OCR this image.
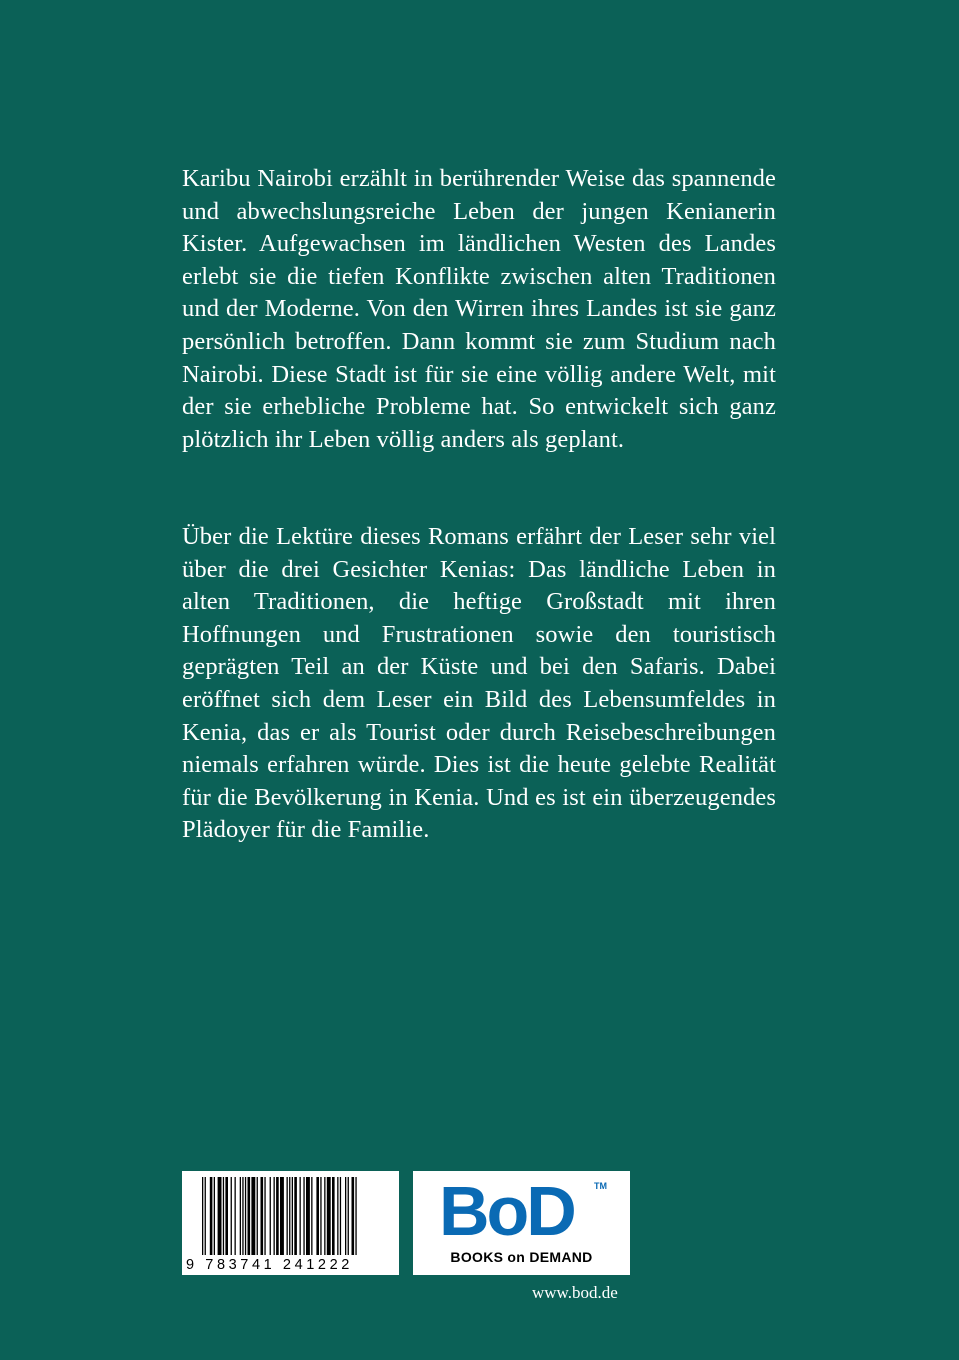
Karibu Nairobi erzählt in berührender Weise das spannende und abwechslungsreiche Leben der jungen Kenianerin Kister. Aufgewachsen im ländlichen Westen des Landes erlebt sie die tiefen Konflikte zwischen alten Traditionen und der Moderne. Von den Wirren ihres Landes ist sie ganz persönlich betroffen. Dann kommt sie zum Studium nach Nairobi. Diese Stadt ist für sie eine völlig andere Welt, mit der sie erhebliche Probleme hat. So entwickelt sich ganz plötzlich ihr Leben völlig anders als geplant.
Über die Lektüre dieses Romans erfährt der Leser sehr viel über die drei Gesichter Kenias: Das ländliche Leben in alten Traditionen, die heftige Großstadt mit ihren Hoffnungen und Frustrationen sowie den touristisch geprägten Teil an der Küste und bei den Safaris. Dabei eröffnet sich dem Leser ein Bild des Lebensumfeldes in Kenia, das er als Tourist oder durch Reisebeschreibungen niemals erfahren würde. Dies ist die heute gelebte Realität für die Bevölkerung in Kenia. Und es ist ein überzeugendes Plädoyer für die Familie.
9 783741 241222
BoD TM
BOOKS on DEMAND
www.bod.de
